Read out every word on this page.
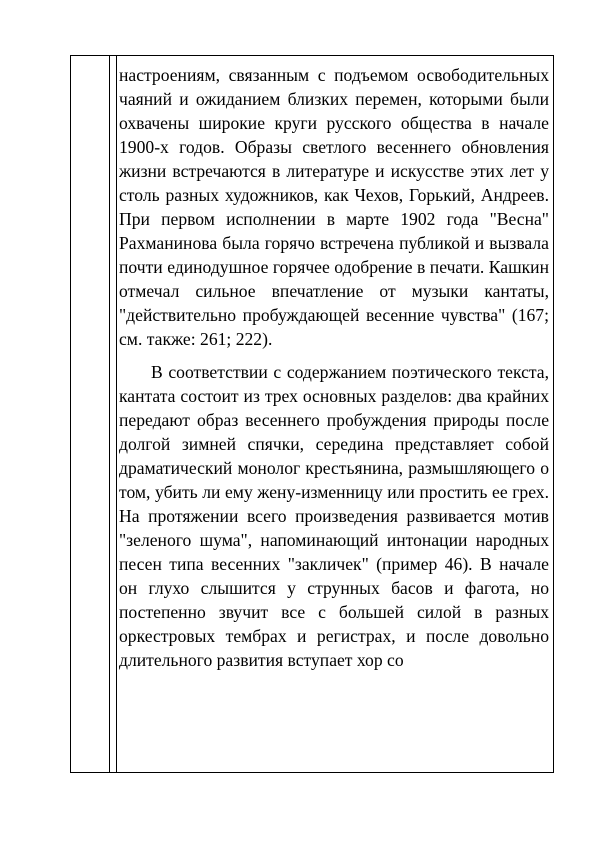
настроениям, связанным с подъемом освободительных чаяний и ожиданием близких перемен, которыми были охвачены широкие круги русского общества в начале 1900-х годов. Образы светлого весеннего обновления жизни встречаются в литературе и искусстве этих лет у столь разных художников, как Чехов, Горький, Андреев. При первом исполнении в марте 1902 года "Весна" Рахманинова была горячо встречена публикой и вызвала почти единодушное горячее одобрение в печати. Кашкин отмечал сильное впечатление от музыки кантаты, "действительно пробуждающей весенние чувства" (167; см. также: 261; 222).

В соответствии с содержанием поэтического текста, кантата состоит из трех основных разделов: два крайних передают образ весеннего пробуждения природы после долгой зимней спячки, середина представляет собой драматический монолог крестьянина, размышляющего о том, убить ли ему жену-изменницу или простить ее грех. На протяжении всего произведения развивается мотив "зеленого шума", напоминающий интонации народных песен типа весенних "закличек" (пример 46). В начале он глухо слышится у струнных басов и фагота, но постепенно звучит все с большей силой в разных оркестровых тембрах и регистрах, и после довольно длительного развития вступает хор со
